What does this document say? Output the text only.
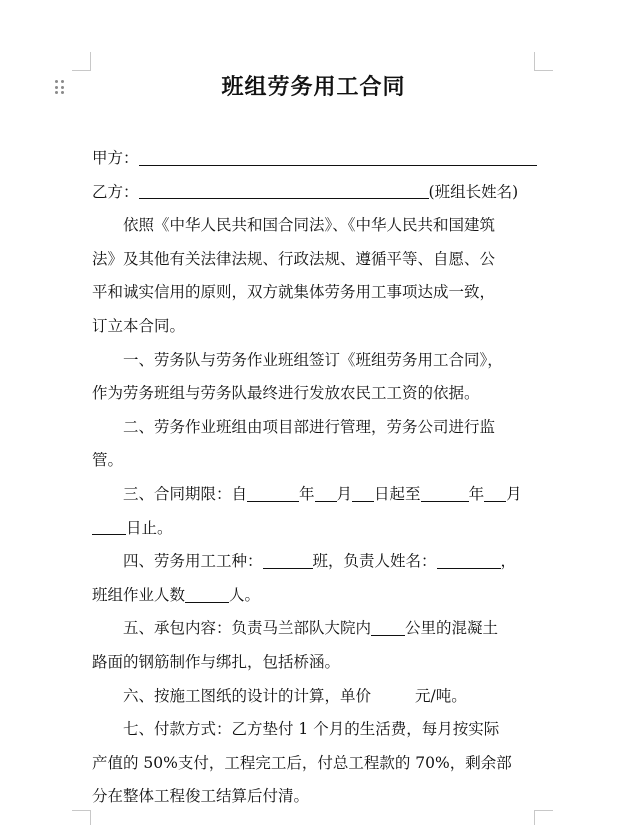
班组劳务用工合同
甲方：
乙方：	(班组长姓名)
依照《中华人民共和国合同法》、《中华人民共和国建筑
法》及其他有关法律法规、行政法规、遵循平等、自愿、公
平和诚实信用的原则，双方就集体劳务用工事项达成一致，
订立本合同。
一、劳务队与劳务作业班组签订《班组劳务用工合同》，
作为劳务班组与劳务队最终进行发放农民工工资的依据。
二、劳务作业班组由项目部进行管理，劳务公司进行监
管。
三、合同期限：自	年 月 日起至	年 月
日止。
四、劳务用工工种：	班，负责人姓名：	，
班组作业人数	人。
五、承包内容：负责马兰部队大院内 公里的混凝土
路面的钢筋制作与绑扎，包括桥涵。
六、按施工图纸的设计的计算，单价	元/吨。
七、付款方式：乙方垫付 1 个月的生活费，每月按实际
产值的 50%支付，工程完工后，付总工程款的 70%，剩余部
分在整体工程俊工结算后付清。
